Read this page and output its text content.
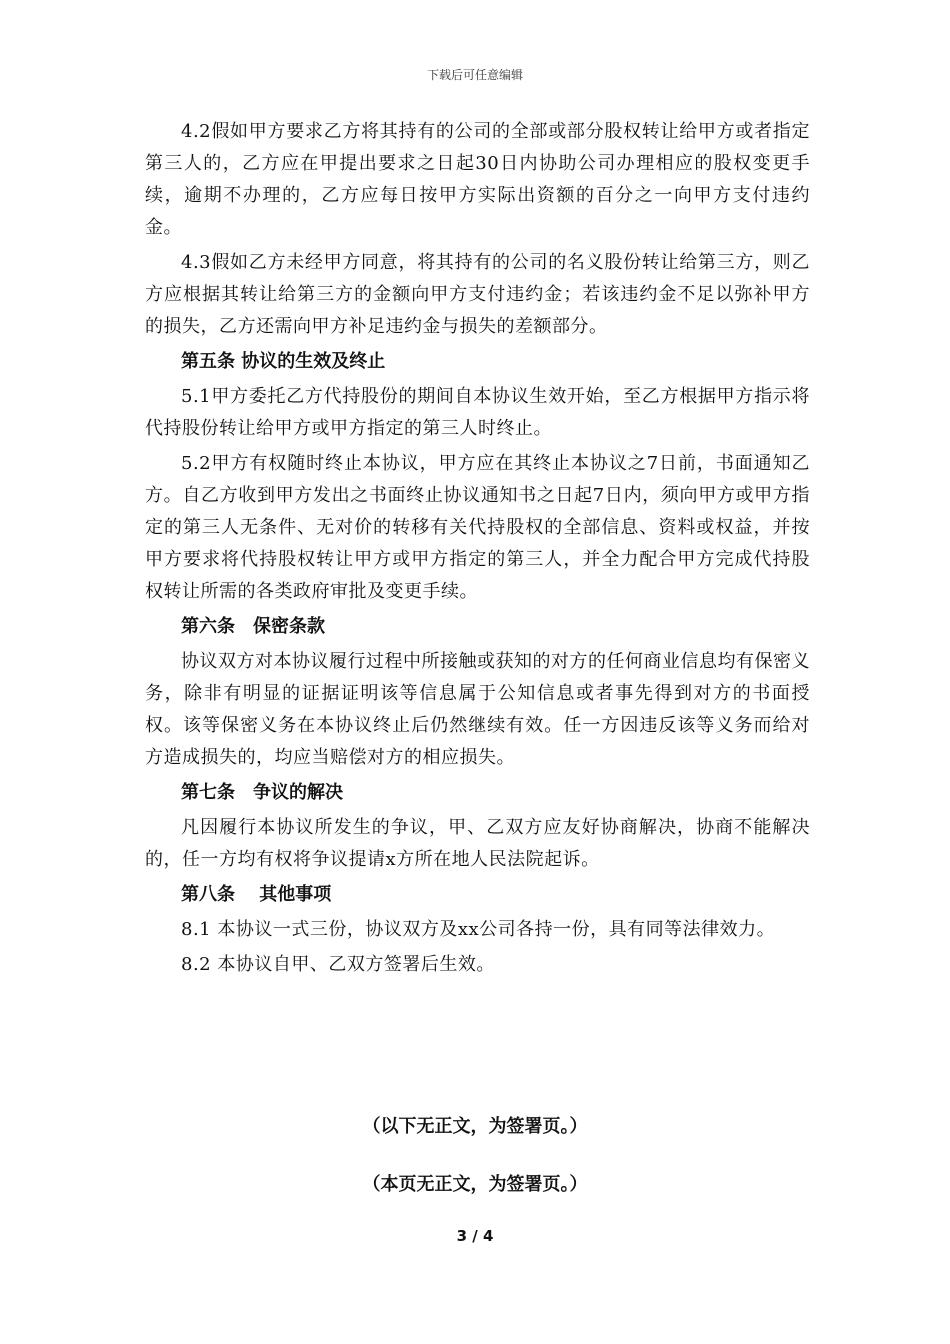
下载后可任意编辑

4.2假如甲方要求乙方将其持有的公司的全部或部分股权转让给甲方或者指定第三人的，乙方应在甲提出要求之日起30日内协助公司办理相应的股权变更手续，逾期不办理的，乙方应每日按甲方实际出资额的百分之一向甲方支付违约金。

4.3假如乙方未经甲方同意，将其持有的公司的名义股份转让给第三方，则乙方应根据其转让给第三方的金额向甲方支付违约金；若该违约金不足以弥补甲方的损失，乙方还需向甲方补足违约金与损失的差额部分。

第五条 协议的生效及终止

5.1甲方委托乙方代持股份的期间自本协议生效开始，至乙方根据甲方指示将代持股份转让给甲方或甲方指定的第三人时终止。

5.2甲方有权随时终止本协议，甲方应在其终止本协议之7日前，书面通知乙方。自乙方收到甲方发出之书面终止协议通知书之日起7日内，须向甲方或甲方指定的第三人无条件、无对价的转移有关代持股权的全部信息、资料或权益，并按甲方要求将代持股权转让甲方或甲方指定的第三人，并全力配合甲方完成代持股权转让所需的各类政府审批及变更手续。

第六条　保密条款

协议双方对本协议履行过程中所接触或获知的对方的任何商业信息均有保密义务，除非有明显的证据证明该等信息属于公知信息或者事先得到对方的书面授权。该等保密义务在本协议终止后仍然继续有效。任一方因违反该等义务而给对方造成损失的，均应当赔偿对方的相应损失。

第七条　争议的解决

凡因履行本协议所发生的争议，甲、乙双方应友好协商解决，协商不能解决的，任一方均有权将争议提请x方所在地人民法院起诉。

第八条　 其他事项

8.1 本协议一式三份，协议双方及xx公司各持一份，具有同等法律效力。

8.2 本协议自甲、乙双方签署后生效。

（以下无正文，为签署页。）
（本页无正文，为签署页。）
3 / 4
